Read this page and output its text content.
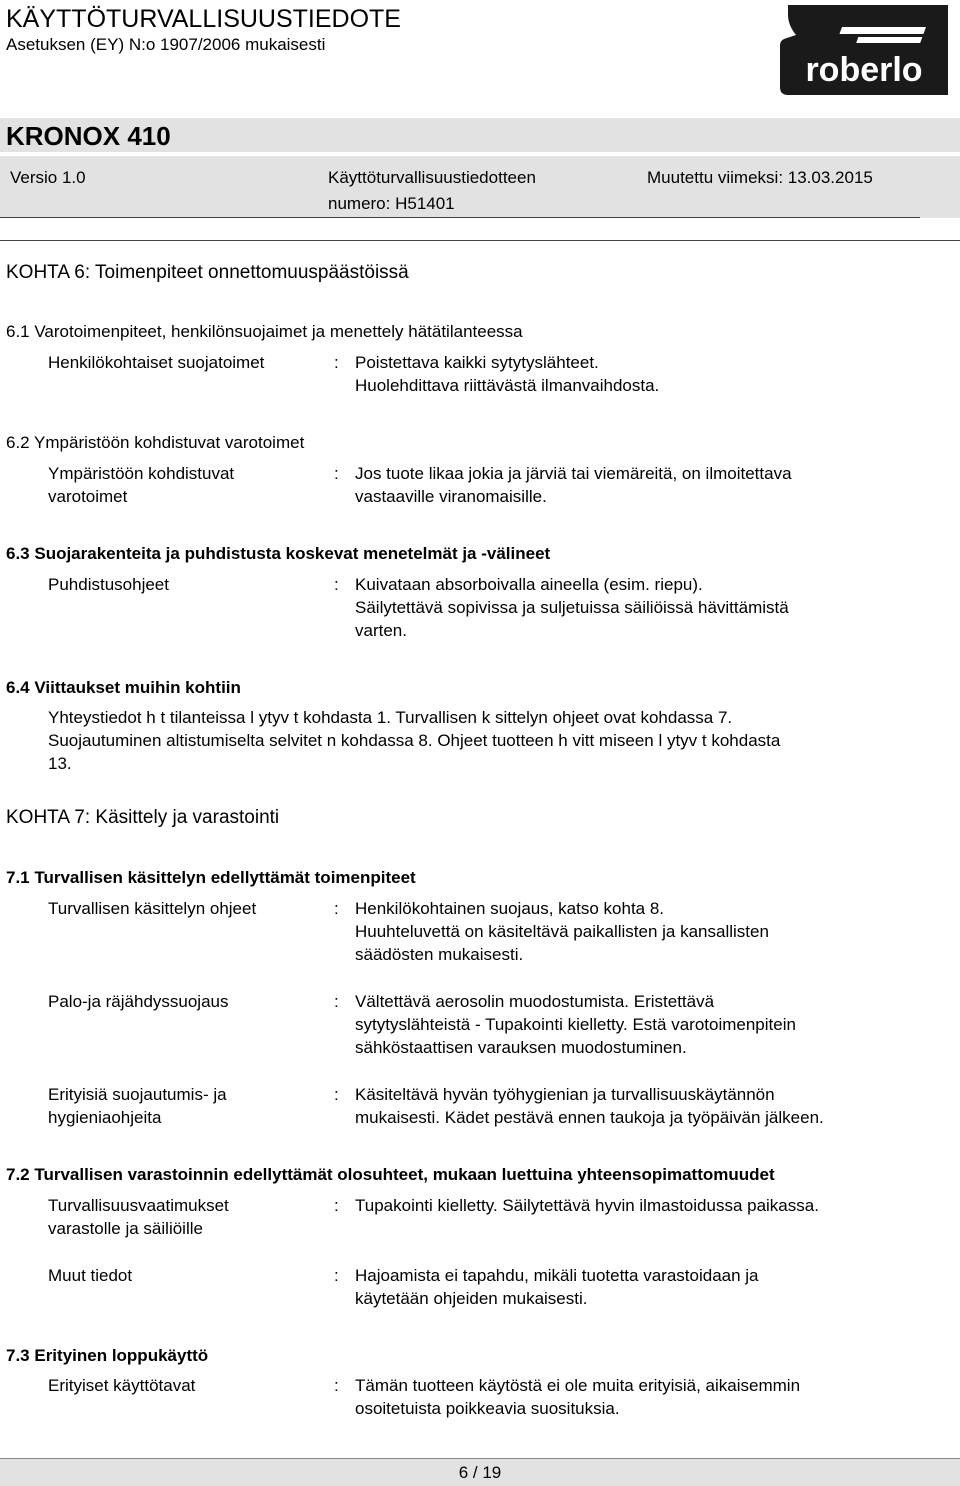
KÄYTTÖTURVALLISUUSTIEDOTE
Asetuksen (EY) N:o 1907/2006 mukaisesti
roberlo
KRONOX 410
Versio 1.0	Käyttöturvallisuustiedotteen
numero: H51401
Muutettu viimeksi: 13.03.2015
KOHTA 6: Toimenpiteet onnettomuuspäästöissä
6.1 Varotoimenpiteet, henkilönsuojaimet ja menettely hätätilanteessa
Henkilökohtaiset suojatoimet	: Poistettava kaikki sytytyslähteet.
Huolehdittava riittävästä ilmanvaihdosta.
6.2 Ympäristöön kohdistuvat varotoimet
Ympäristöön kohdistuvat
varotoimet
: Jos tuote likaa jokia ja järviä tai viemäreitä, on ilmoitettava
vastaaville viranomaisille.
6.3 Suojarakenteita ja puhdistusta koskevat menetelmät ja -välineet
Puhdistusohjeet	: Kuivataan absorboivalla aineella (esim. riepu).
Säilytettävä sopivissa ja suljetuissa säiliöissä hävittämistä
varten.
6.4 Viittaukset muihin kohtiin
Yhteystiedot h t tilanteissa l ytyv t kohdasta 1. Turvallisen k sittelyn ohjeet ovat kohdassa 7.
Suojautuminen altistumiselta selvitet n kohdassa 8. Ohjeet tuotteen h vitt miseen l ytyv t kohdasta
13.
KOHTA 7: Käsittely ja varastointi
7.1 Turvallisen käsittelyn edellyttämät toimenpiteet
Turvallisen käsittelyn ohjeet	: Henkilökohtainen suojaus, katso kohta 8.
Huuhteluvettä on käsiteltävä paikallisten ja kansallisten
säädösten mukaisesti.
Palo-ja räjähdyssuojaus	: Vältettävä aerosolin muodostumista. Eristettävä
sytytyslähteistä - Tupakointi kielletty. Estä varotoimenpitein
sähköstaattisen varauksen muodostuminen.
Erityisiä suojautumis- ja
hygieniaohjeita
: Käsiteltävä hyvän työhygienian ja turvallisuuskäytännön
mukaisesti. Kädet pestävä ennen taukoja ja työpäivän jälkeen.
7.2 Turvallisen varastoinnin edellyttämät olosuhteet, mukaan luettuina yhteensopimattomuudet
Turvallisuusvaatimukset
varastolle ja säiliöille
: Tupakointi kielletty. Säilytettävä hyvin ilmastoidussa paikassa.
Muut tiedot	: Hajoamista ei tapahdu, mikäli tuotetta varastoidaan ja
käytetään ohjeiden mukaisesti.
7.3 Erityinen loppukäyttö
Erityiset käyttötavat	: Tämän tuotteen käytöstä ei ole muita erityisiä, aikaisemmin
osoitetuista poikkeavia suosituksia.
6 / 19
